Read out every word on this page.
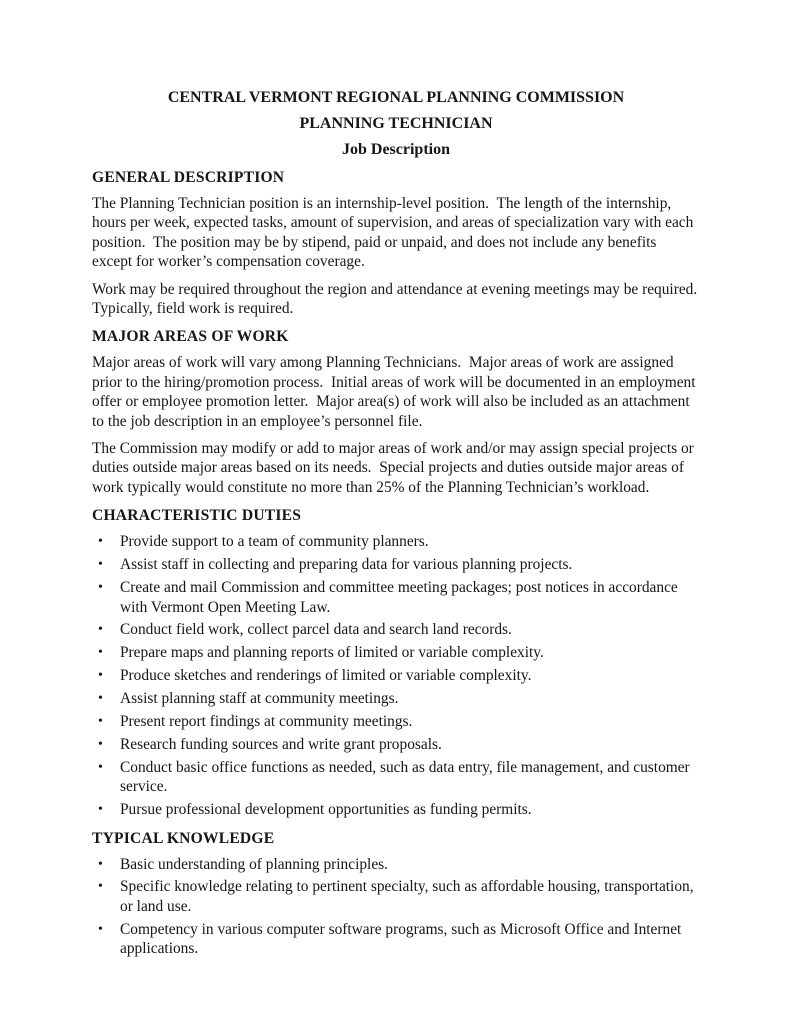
CENTRAL VERMONT REGIONAL PLANNING COMMISSION
PLANNING TECHNICIAN
Job Description
GENERAL DESCRIPTION

The Planning Technician position is an internship-level position.  The length of the internship, hours per week, expected tasks, amount of supervision, and areas of specialization vary with each position.  The position may be by stipend, paid or unpaid, and does not include any benefits except for worker’s compensation coverage.

Work may be required throughout the region and attendance at evening meetings may be required.  Typically, field work is required.

MAJOR AREAS OF WORK

Major areas of work will vary among Planning Technicians.  Major areas of work are assigned prior to the hiring/promotion process.  Initial areas of work will be documented in an employment offer or employee promotion letter.  Major area(s) of work will also be included as an attachment to the job description in an employee’s personnel file.

The Commission may modify or add to major areas of work and/or may assign special projects or duties outside major areas based on its needs.  Special projects and duties outside major areas of work typically would constitute no more than 25% of the Planning Technician’s workload.

CHARACTERISTIC DUTIES
•	Provide support to a team of community planners.
•	Assist staff in collecting and preparing data for various planning projects.
•	Create and mail Commission and committee meeting packages; post notices in accordance with Vermont Open Meeting Law.
•	Conduct field work, collect parcel data and search land records.
•	Prepare maps and planning reports of limited or variable complexity.
•	Produce sketches and renderings of limited or variable complexity.
•	Assist planning staff at community meetings.
•	Present report findings at community meetings.
•	Research funding sources and write grant proposals.
•	Conduct basic office functions as needed, such as data entry, file management, and customer service.
•	Pursue professional development opportunities as funding permits.
TYPICAL KNOWLEDGE
•	Basic understanding of planning principles.
•	Specific knowledge relating to pertinent specialty, such as affordable housing, transportation, or land use.
•	Competency in various computer software programs, such as Microsoft Office and Internet applications.
